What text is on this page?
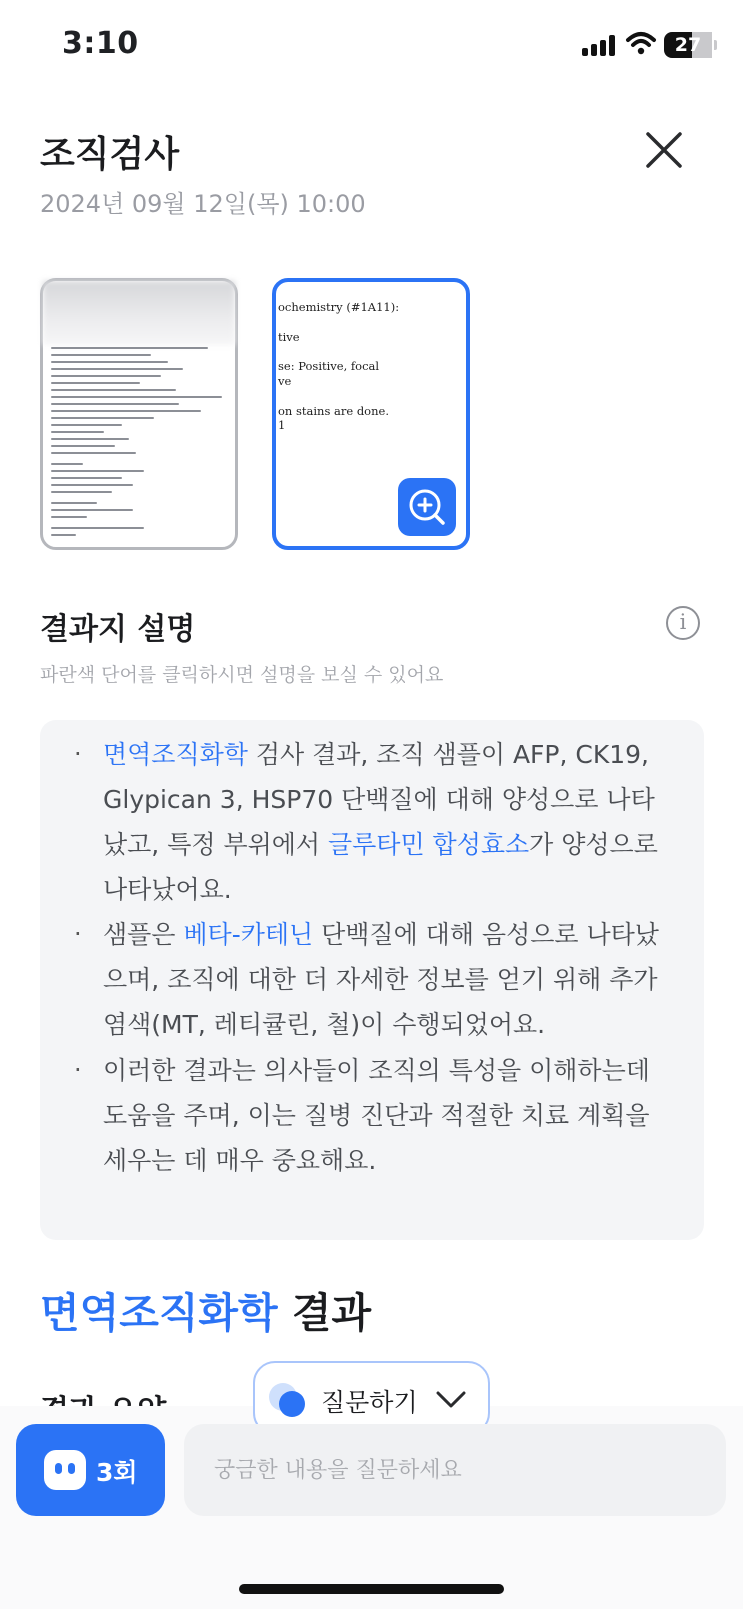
3:10	27
조직검사
2024년 09월 12일(목) 10:00
ochemistry (#1A11):

tive

se: Positive, focal
ve

on stains are done.
1
결과지 설명	i
파란색 단어를 클릭하시면 설명을 보실 수 있어요
· 면역조직화학 검사 결과, 조직 샘플이 AFP, CK19, Glypican 3, HSP70 단백질에 대해 양성으로 나타났고, 특정 부위에서 글루타민 합성효소가 양성으로 나타났어요.
· 샘플은 베타-카테닌 단백질에 대해 음성으로 나타났으며, 조직에 대한 더 자세한 정보를 얻기 위해 추가 염색(MT, 레티큘린, 철)이 수행되었어요.
· 이러한 결과는 의사들이 조직의 특성을 이해하는데 도움을 주며, 이는 질병 진단과 적절한 치료 계획을 세우는 데 매우 중요해요.
면역조직화학 결과
질문하기
3회
궁금한 내용을 질문하세요
